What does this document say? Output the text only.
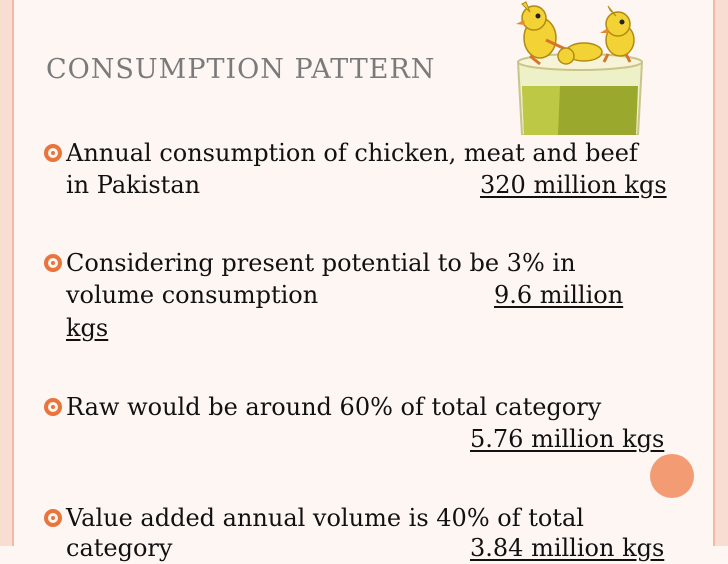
CONSUMPTION PATTERN
Annual consumption of chicken, meat and beef
in Pakistan	320 million kgs
Considering present potential to be 3% in
volume consumption	9.6 million
kgs
Raw would be around 60% of total category
5.76 million kgs
Value added annual volume is 40% of total
category	3.84 million kgs
